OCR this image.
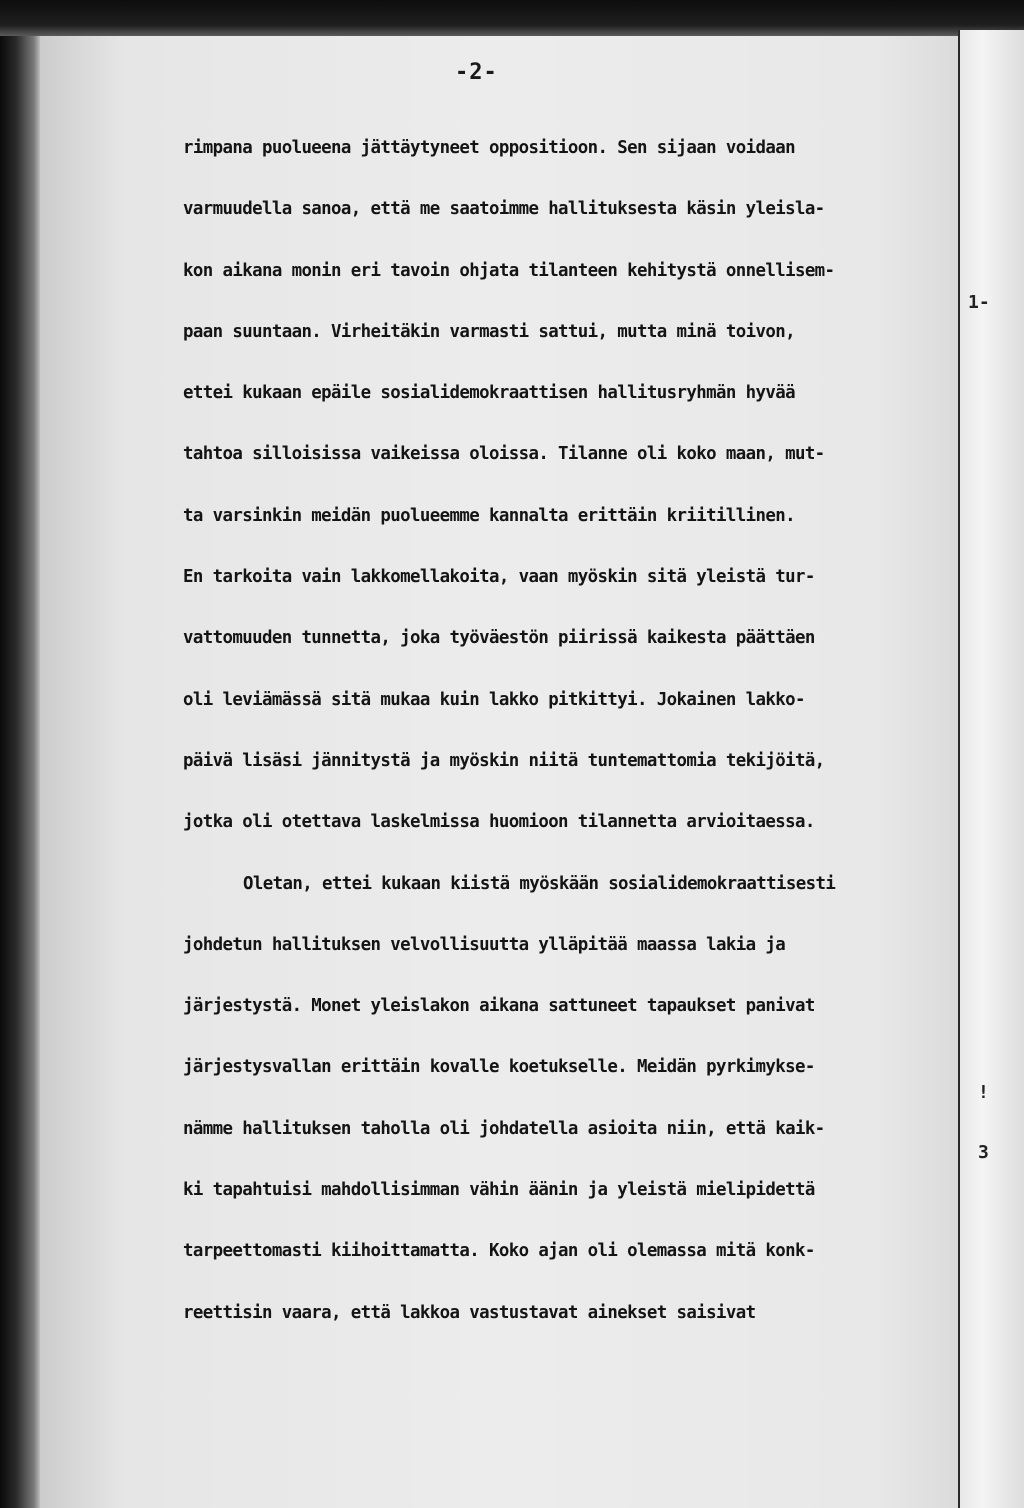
1-
!
3
-2-
rimpana puolueena jättäytyneet oppositioon. Sen sijaan voidaan
varmuudella sanoa, että me saatoimme hallituksesta käsin yleisla-
kon aikana monin eri tavoin ohjata tilanteen kehitystä onnellisem-
paan suuntaan. Virheitäkin varmasti sattui, mutta minä toivon,
ettei kukaan epäile sosialidemokraattisen hallitusryhmän hyvää
tahtoa silloisissa vaikeissa oloissa. Tilanne oli koko maan, mut-
ta varsinkin meidän puolueemme kannalta erittäin kriitillinen.
En tarkoita vain lakkomellakoita, vaan myöskin sitä yleistä tur-
vattomuuden tunnetta, joka työväestön piirissä kaikesta päättäen
oli leviämässä sitä mukaa kuin lakko pitkittyi. Jokainen lakko-
päivä lisäsi jännitystä ja myöskin niitä tuntemattomia tekijöitä,
jotka oli otettava laskelmissa huomioon tilannetta arvioitaessa.
Oletan, ettei kukaan kiistä myöskään sosialidemokraattisesti
johdetun hallituksen velvollisuutta ylläpitää maassa lakia ja
järjestystä. Monet yleislakon aikana sattuneet tapaukset panivat
järjestysvallan erittäin kovalle koetukselle. Meidän pyrkimykse-
nämme hallituksen taholla oli johdatella asioita niin, että kaik-
ki tapahtuisi mahdollisimman vähin äänin ja yleistä mielipidettä
tarpeettomasti kiihoittamatta. Koko ajan oli olemassa mitä konk-
reettisin vaara, että lakkoa vastustavat ainekset saisivat
